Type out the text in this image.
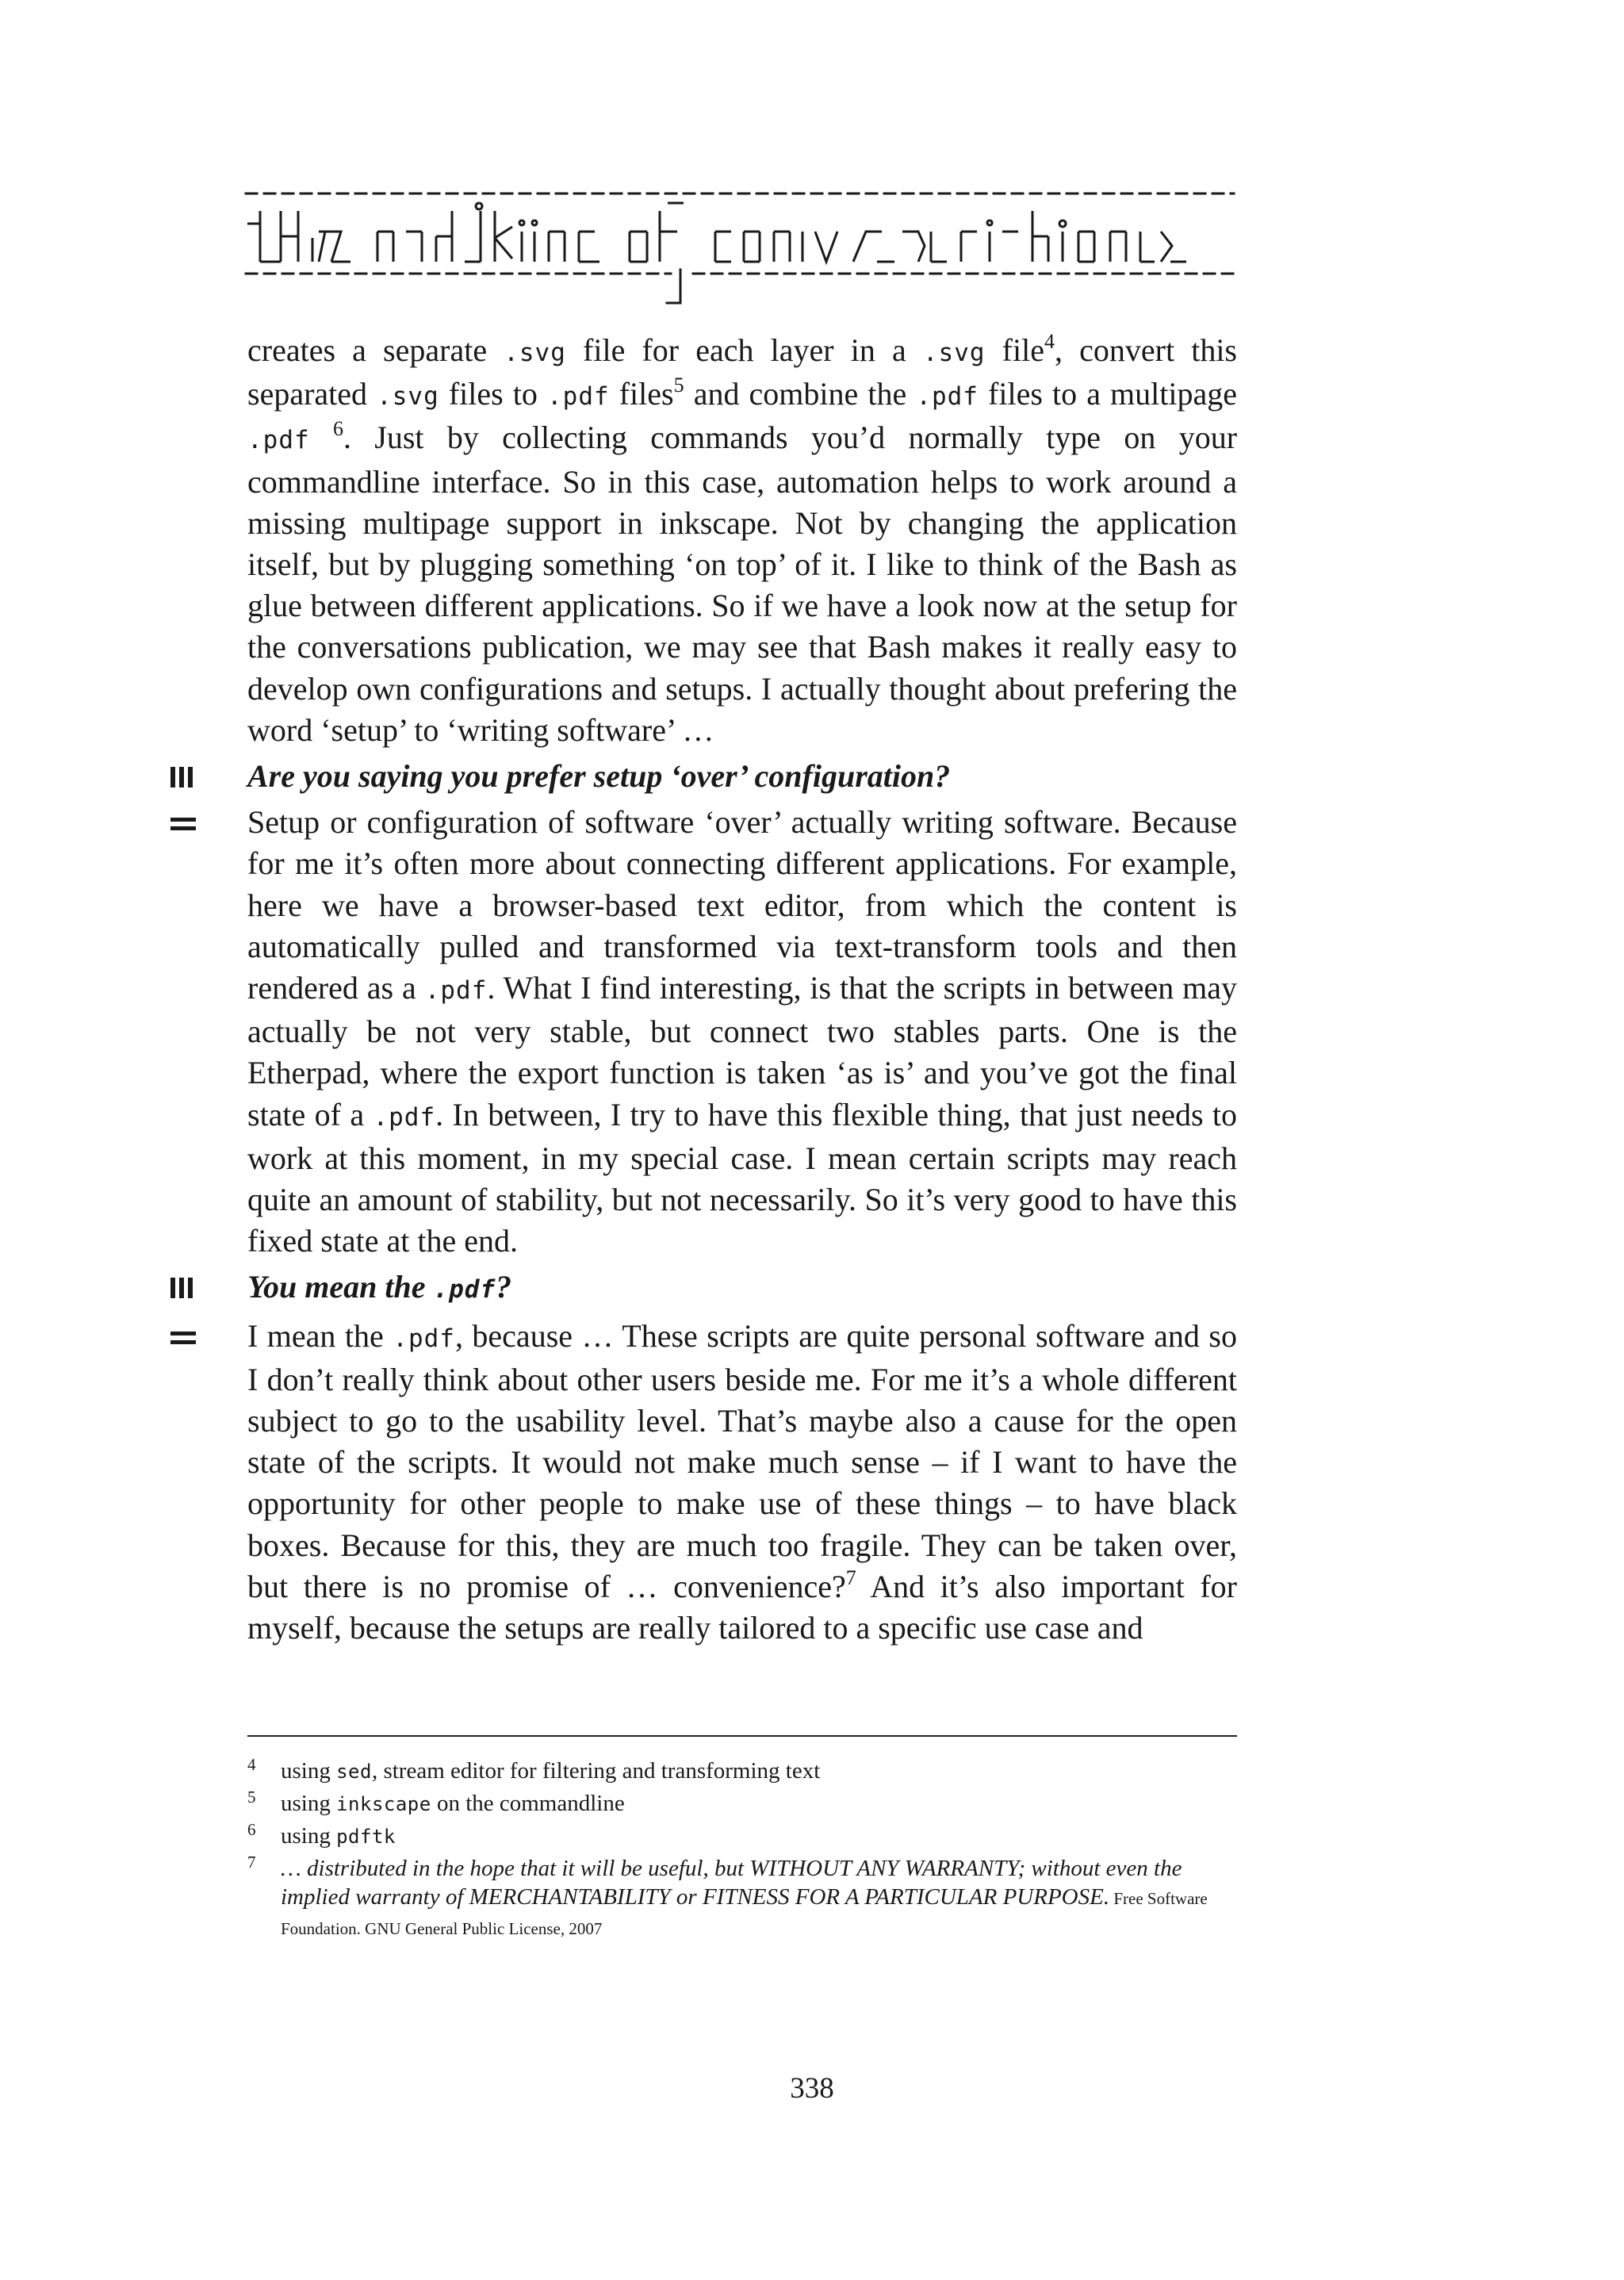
creates a separate .svg file for each layer in a .svg file$^4$, convert this separated .svg files to .pdf files$^5$ and combine the .pdf files to a multipage .pdf $^6$. Just by collecting commands you’d normally type on your commandline interface. So in this case, automation helps to work around a missing multipage support in inkscape. Not by changing the application itself, but by plugging something ‘on top’ of it. I like to think of the Bash as glue between different applications. So if we have a look now at the setup for the conversations publication, we may see that Bash makes it really easy to develop own configurations and setups. I actually thought about prefering the word ‘setup’ to ‘writing software’ …

Are you saying you prefer setup ‘over’ configuration?

Setup or configuration of software ‘over’ actually writing software. Because for me it’s often more about connecting different applications. For example, here we have a browser-based text editor, from which the content is automatically pulled and transformed via text-transform tools and then rendered as a .pdf. What I find interesting, is that the scripts in between may actually be not very stable, but connect two stables parts. One is the Etherpad, where the export function is taken ‘as is’ and you’ve got the final state of a .pdf. In between, I try to have this flexible thing, that just needs to work at this moment, in my special case. I mean certain scripts may reach quite an amount of stability, but not necessarily. So it’s very good to have this fixed state at the end.

You mean the .pdf?

I mean the .pdf, because … These scripts are quite personal software and so I don’t really think about other users beside me. For me it’s a whole different subject to go to the usability level. That’s maybe also a cause for the open state of the scripts. It would not make much sense – if I want to have the opportunity for other people to make use of these things – to have black boxes. Because for this, they are much too fragile. They can be taken over, but there is no promise of … convenience?$^7$ And it’s also important for myself, because the setups are really tailored to a specific use case and

4 using sed, stream editor for filtering and transforming text
5 using inkscape on the commandline
6 using pdftk
7 … distributed in the hope that it will be useful, but WITHOUT ANY WARRANTY; without even the implied warranty of MERCHANTABILITY or FITNESS FOR A PARTICULAR PURPOSE. Free Software Foundation. GNU General Public License, 2007
338
